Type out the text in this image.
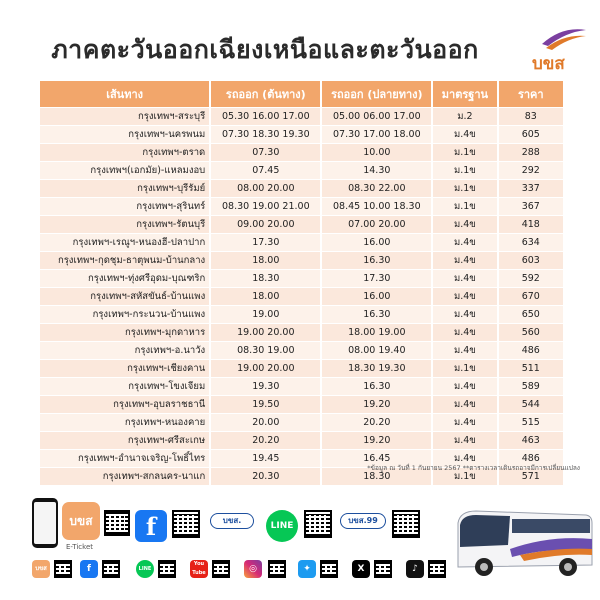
ภาคตะวันออกเฉียงเหนือและตะวันออก	บขส
เส้นทาง	รถออก (ต้นทาง)	รถออก (ปลายทาง)	มาตรฐาน	ราคา
กรุงเทพฯ-สระบุรี	05.30 16.00 17.00	05.00 06.00 17.00	ม.2	83
กรุงเทพฯ-นครพนม	07.30 18.30 19.30	07.30 17.00 18.00	ม.4ข	605
กรุงเทพฯ-ตราด	07.30	10.00	ม.1ข	288
กรุงเทพฯ(เอกมัย)-แหลมงอบ	07.45	14.30	ม.1ข	292
กรุงเทพฯ-บุรีรัมย์	08.00 20.00	08.30 22.00	ม.1ข	337
กรุงเทพฯ-สุรินทร์	08.30 19.00 21.00	08.45 10.00 18.30	ม.1ข	367
กรุงเทพฯ-รัตนบุรี	09.00 20.00	07.00 20.00	ม.4ข	418
กรุงเทพฯ-เรณูฯ-หนองฮี-ปลาปาก	17.30	16.00	ม.4ข	634
กรุงเทพฯ-กุดชุม-ธาตุพนม-บ้านกลาง	18.00	16.30	ม.4ข	603
กรุงเทพฯ-ทุ่งศรีอุดม-บุณฑริก	18.30	17.30	ม.4ข	592
กรุงเทพฯ-สหัสขันธ์-บ้านแพง	18.00	16.00	ม.4ข	670
กรุงเทพฯ-กระนวน-บ้านแพง	19.00	16.30	ม.4ข	650
กรุงเทพฯ-มุกดาหาร	19.00 20.00	18.00 19.00	ม.4ข	560
กรุงเทพฯ-อ.นาวัง	08.30 19.00	08.00 19.40	ม.4ข	486
กรุงเทพฯ-เชียงคาน	19.00 20.00	18.30 19.30	ม.1ข	511
กรุงเทพฯ-โขงเจียม	19.30	16.30	ม.4ข	589
กรุงเทพฯ-อุบลราชธานี	19.50	19.20	ม.4ข	544
กรุงเทพฯ-หนองคาย	20.00	20.20	ม.4ข	515
กรุงเทพฯ-ศรีสะเกษ	20.20	19.20	ม.4ข	463
กรุงเทพฯ-อำนาจเจริญ-โพธิ์ไทร	19.45	16.45	ม.4ข	486
กรุงเทพฯ-สกลนคร-นาแก	20.30	18.30	ม.1ข	571
*ข้อมูล ณ วันที่ 1 กันยายน 2567 **ตารางเวลาเดินรถอาจมีการเปลี่ยนแปลง
บขส
E-Ticket
f	บขส.
LINE
บขส.99
บขส	f	LINE
You Tube	◎	✦	X	♪
